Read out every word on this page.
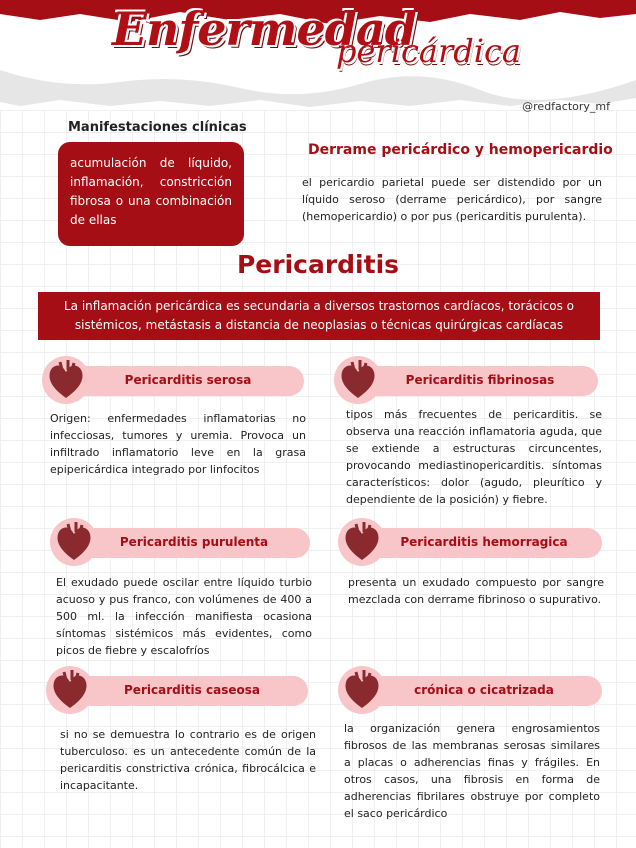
Enfermedad
pericárdica
@redfactory_mf
Manifestaciones clínicas
acumulación de líquido, inflamación, constricción fibrosa o una combinación de ellas
Derrame pericárdico y hemopericardio
el pericardio parietal puede ser distendido por un líquido seroso (derrame pericárdico), por sangre (hemopericardio) o por pus (pericarditis purulenta).
Pericarditis
La inflamación pericárdica es secundaria a diversos trastornos cardíacos, torácicos o sistémicos, metástasis a distancia de neoplasias o técnicas quirúrgicas cardíacas
Pericarditis serosa
Origen: enfermedades inflamatorias no infecciosas, tumores y uremia. Provoca un infiltrado inflamatorio leve en la grasa epipericárdica integrado por linfocitos
Pericarditis fibrinosas
tipos más frecuentes de pericarditis. se observa una reacción inflamatoria aguda, que se extiende a estructuras circuncentes, provocando mediastinopericarditis. síntomas característicos: dolor (agudo, pleurítico y dependiente de la posición) y fiebre.
Pericarditis purulenta
El exudado puede oscilar entre líquido turbio acuoso y pus franco, con volúmenes de 400 a 500 ml. la infección manifiesta ocasiona síntomas sistémicos más evidentes, como picos de fiebre y escalofríos
Pericarditis hemorragica
presenta un exudado compuesto por sangre mezclada con derrame fibrinoso o supurativo.
Pericarditis caseosa
si no se demuestra lo contrario es de origen tuberculoso. es un antecedente común de la pericarditis constrictiva crónica, fibrocálcica e incapacitante.
crónica o cicatrizada
la organización genera engrosamientos fibrosos de las membranas serosas similares a placas o adherencias finas y frágiles. En otros casos, una fibrosis en forma de adherencias fibrilares obstruye por completo el saco pericárdico
